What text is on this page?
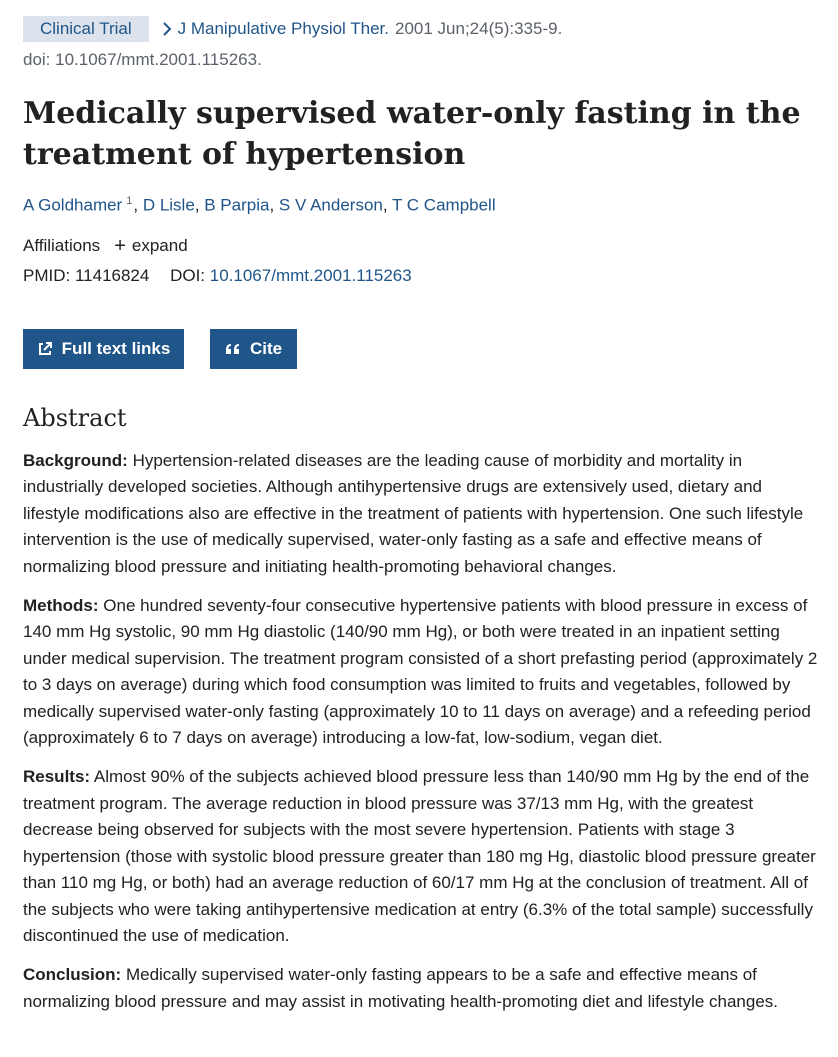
Clinical Trial	J Manipulative Physiol Ther. 2001 Jun;24(5):335-9.
doi: 10.1067/mmt.2001.115263.
Medically supervised water-only fasting in the treatment of hypertension
A Goldhamer $^1$, D Lisle, B Parpia, S V Anderson, T C Campbell
Affiliations + expand
PMID: 11416824 DOI: 10.1067/mmt.2001.115263
Full text links	Cite
Abstract

Background: Hypertension-related diseases are the leading cause of morbidity and mortality in industrially developed societies. Although antihypertensive drugs are extensively used, dietary and lifestyle modifications also are effective in the treatment of patients with hypertension. One such lifestyle intervention is the use of medically supervised, water-only fasting as a safe and effective means of normalizing blood pressure and initiating health-promoting behavioral changes.

Methods: One hundred seventy-four consecutive hypertensive patients with blood pressure in excess of 140 mm Hg systolic, 90 mm Hg diastolic (140/90 mm Hg), or both were treated in an inpatient setting under medical supervision. The treatment program consisted of a short prefasting period (approximately 2 to 3 days on average) during which food consumption was limited to fruits and vegetables, followed by medically supervised water-only fasting (approximately 10 to 11 days on average) and a refeeding period (approximately 6 to 7 days on average) introducing a low-fat, low-sodium, vegan diet.

Results: Almost 90% of the subjects achieved blood pressure less than 140/90 mm Hg by the end of the treatment program. The average reduction in blood pressure was 37/13 mm Hg, with the greatest decrease being observed for subjects with the most severe hypertension. Patients with stage 3 hypertension (those with systolic blood pressure greater than 180 mg Hg, diastolic blood pressure greater than 110 mg Hg, or both) had an average reduction of 60/17 mm Hg at the conclusion of treatment. All of the subjects who were taking antihypertensive medication at entry (6.3% of the total sample) successfully discontinued the use of medication.

Conclusion: Medically supervised water-only fasting appears to be a safe and effective means of normalizing blood pressure and may assist in motivating health-promoting diet and lifestyle changes.
